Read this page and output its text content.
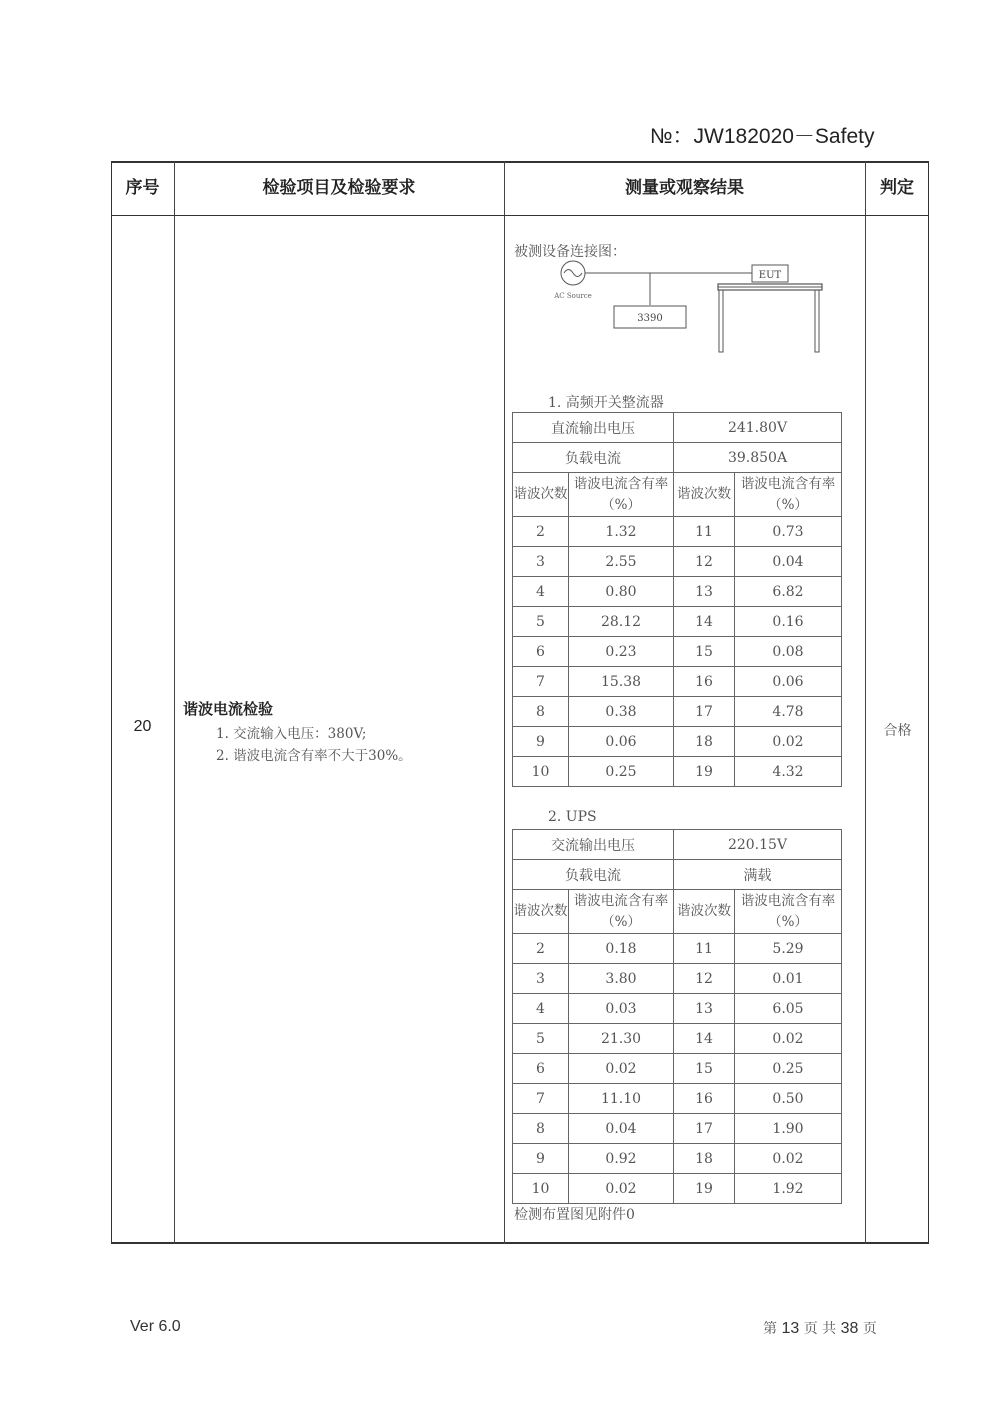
№：JW182020－Safety
序号	检验项目及检验要求	测量或观察结果	判定
20
谐波电流检验
1. 交流输入电压：380V;
2. 谐波电流含有率不大于30%。
合格
被测设备连接图：
AC Source
EUT
3390
1. 高频开关整流器
直流输出电压		241.80V	
负载电流		39.850A	
谐波次数	谐波电流含有率（%）	谐波次数	谐波电流含有率（%）
2	1.32	11	0.73
3	2.55	12	0.04
4	0.80	13	6.82
5	28.12	14	0.16
6	0.23	15	0.08
7	15.38	16	0.06
8	0.38	17	4.78
9	0.06	18	0.02
10	0.25	19	4.32
2. UPS
交流输出电压		220.15V	
负载电流		满载	
谐波次数	谐波电流含有率（%）	谐波次数	谐波电流含有率（%）
2	0.18	11	5.29
3	3.80	12	0.01
4	0.03	13	6.05
5	21.30	14	0.02
6	0.02	15	0.25
7	11.10	16	0.50
8	0.04	17	1.90
9	0.92	18	0.02
10	0.02	19	1.92
检测布置图见附件0
Ver 6.0	第 13 页 共 38 页
